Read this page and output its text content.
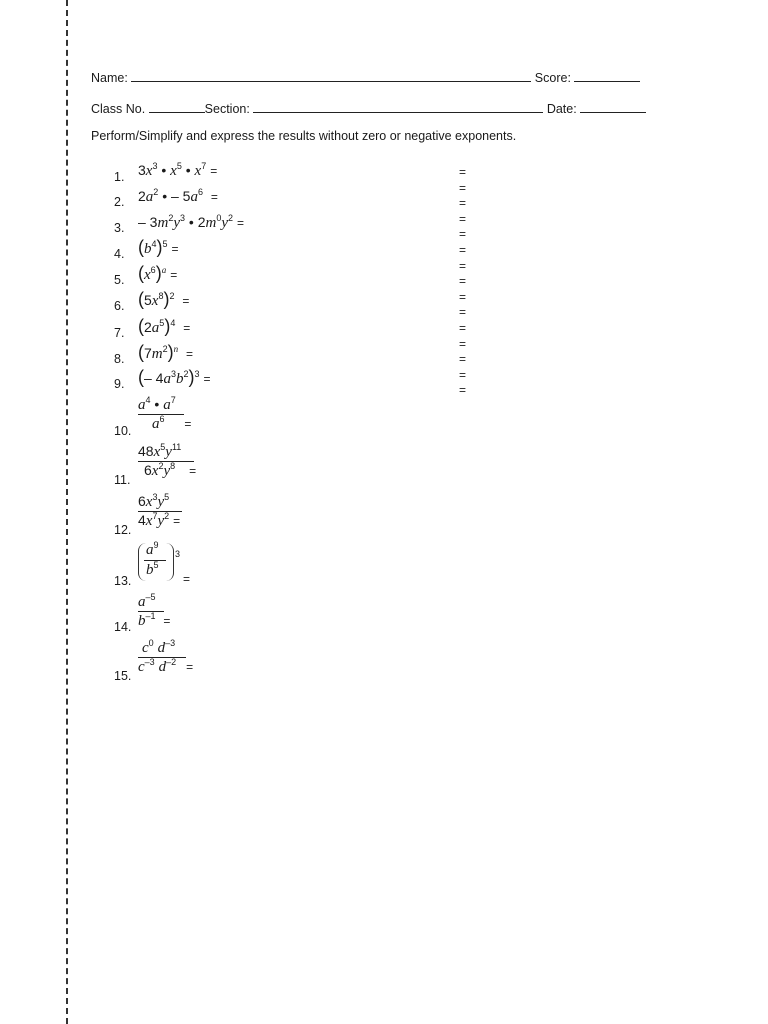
Name:	Score:
Class No.	Section:	Date:
Perform/Simplify and express the results without zero or negative exponents.
1. $3x^3$ • $x^5$ • $x^7$ =
2. $2a^2$ • – $5a^6$ =
3. – $3m^2y^3$ • $2m^0y^2$ =
4. $(b^4)^5$ =
5. $(x^6)^a$ =
6. $(5x^8)^2$ =
7. $(2a^5)^4$ =
8. $(7m^2)^n$ =
9. (– $4a^3b^2)^3$ =
10.
$a^4$ • $a^7$
$a^6$ =
11.
$48x^5y^{11}$
$6x^2y^8$ =
12.
$6x^3y^5$
$4x^7y^2$ =
13.
$a^9$
$b^5$
3
=
14.
$a^{-5}$
$b^{-1}$ =
15.
$c^0$ $d^{-3}$
$c^{-3}$ $d^{-2}$ =
=
=
=
=
=
=
=
=
=
=
=
=
=
=
=
